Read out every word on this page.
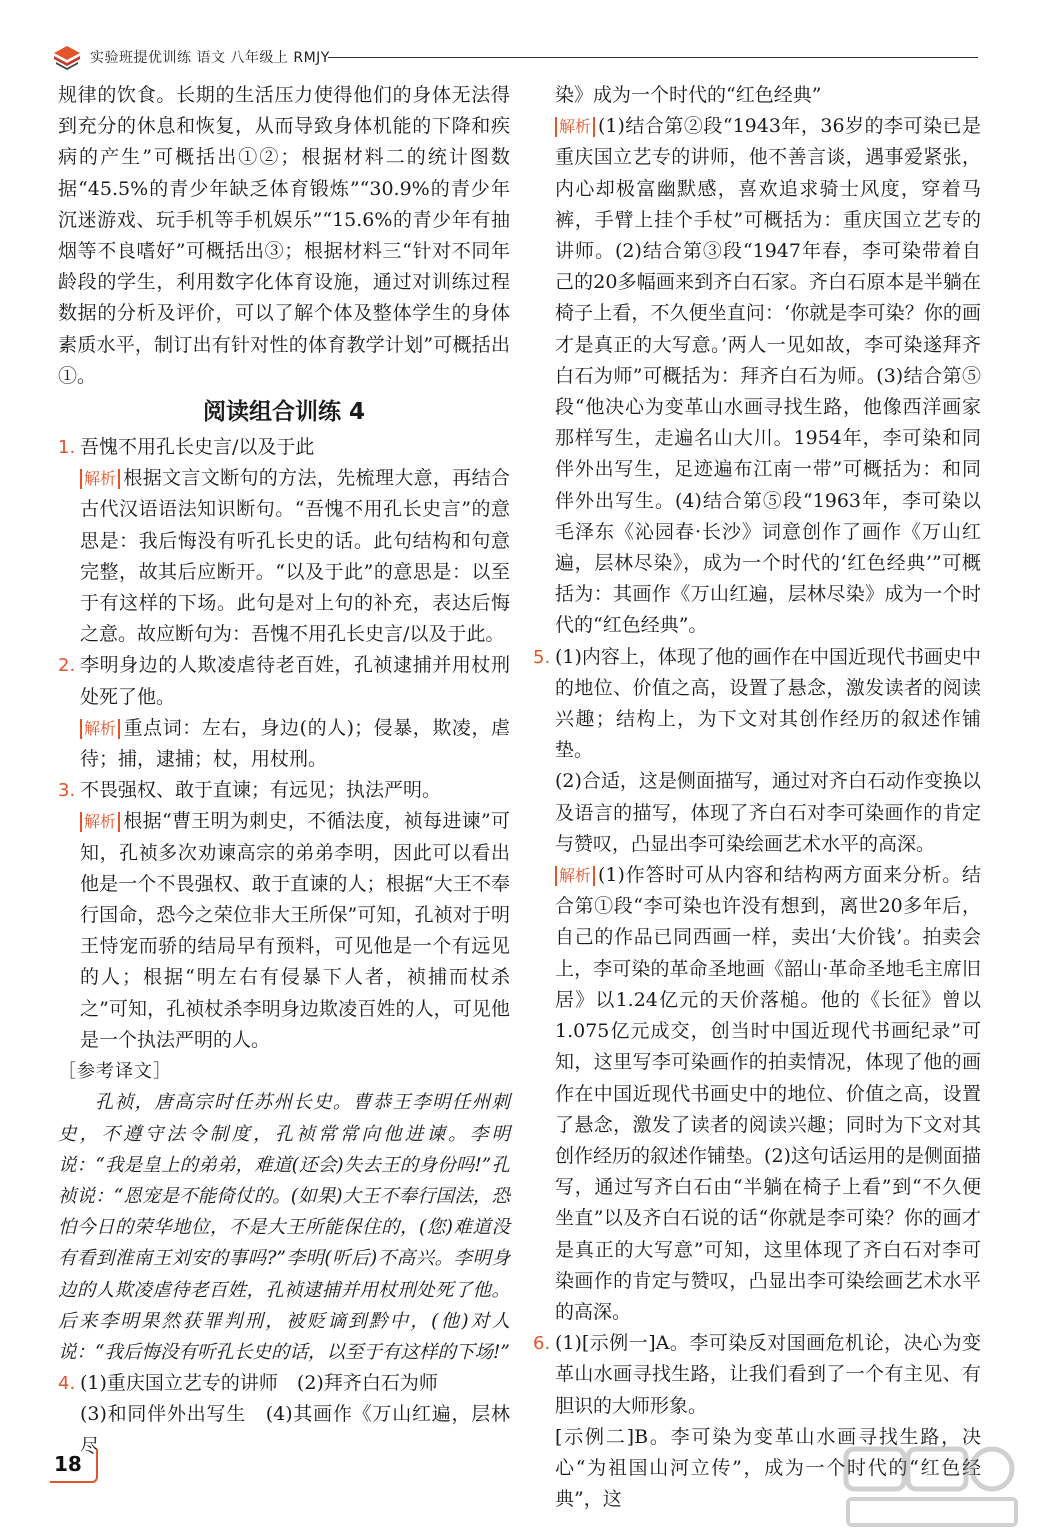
实验班提优训练 语文 八年级上 RMJY

规律的饮食。长期的生活压力使得他们的身体无法得到充分的休息和恢复，从而导致身体机能的下降和疾病的产生”可概括出①②；根据材料二的统计图数据“45.5%的青少年缺乏体育锻炼”“30.9%的青少年沉迷游戏、玩手机等手机娱乐”“15.6%的青少年有抽烟等不良嗜好”可概括出③；根据材料三“针对不同年龄段的学生，利用数字化体育设施，通过对训练过程数据的分析及评价，可以了解个体及整体学生的身体素质水平，制订出有针对性的体育教学计划”可概括出①。

阅读组合训练 4

1. 吾愧不用孔长史言/以及于此

解析 根据文言文断句的方法，先梳理大意，再结合古代汉语语法知识断句。“吾愧不用孔长史言”的意思是：我后悔没有听孔长史的话。此句结构和句意完整，故其后应断开。“以及于此”的意思是：以至于有这样的下场。此句是对上句的补充，表达后悔之意。故应断句为：吾愧不用孔长史言/以及于此。

2. 李明身边的人欺凌虐待老百姓，孔祯逮捕并用杖刑处死了他。

解析 重点词：左右，身边(的人)；侵暴，欺凌，虐待；捕，逮捕；杖，用杖刑。

3. 不畏强权、敢于直谏；有远见；执法严明。

解析 根据“曹王明为刺史，不循法度，祯每进谏”可知，孔祯多次劝谏高宗的弟弟李明，因此可以看出他是一个不畏强权、敢于直谏的人；根据“大王不奉行国命，恐今之荣位非大王所保”可知，孔祯对于明王恃宠而骄的结局早有预料，可见他是一个有远见的人；根据“明左右有侵暴下人者，祯捕而杖杀之”可知，孔祯杖杀李明身边欺凌百姓的人，可见他是一个执法严明的人。

［参考译文］

孔祯，唐高宗时任苏州长史。曹恭王李明任州刺史，不遵守法令制度，孔祯常常向他进谏。李明说：“我是皇上的弟弟，难道(还会)失去王的身份吗!”孔祯说：“恩宠是不能倚仗的。(如果)大王不奉行国法，恐怕今日的荣华地位，不是大王所能保住的，(您)难道没有看到淮南王刘安的事吗?”李明(听后)不高兴。李明身边的人欺凌虐待老百姓，孔祯逮捕并用杖刑处死了他。后来李明果然获罪判刑，被贬谪到黔中，(他)对人说：“我后悔没有听孔长史的话，以至于有这样的下场!”

4. (1)重庆国立艺专的讲师　(2)拜齐白石为师

(3)和同伴外出写生　(4)其画作《万山红遍，层林尽

染》成为一个时代的“红色经典”

解析 (1)结合第②段“1943年，36岁的李可染已是重庆国立艺专的讲师，他不善言谈，遇事爱紧张，内心却极富幽默感，喜欢追求骑士风度，穿着马裤，手臂上挂个手杖”可概括为：重庆国立艺专的讲师。(2)结合第③段“1947年春，李可染带着自己的20多幅画来到齐白石家。齐白石原本是半躺在椅子上看，不久便坐直问：‘你就是李可染？你的画才是真正的大写意。’两人一见如故，李可染遂拜齐白石为师”可概括为：拜齐白石为师。(3)结合第⑤段“他决心为变革山水画寻找生路，他像西洋画家那样写生，走遍名山大川。1954年，李可染和同伴外出写生，足迹遍布江南一带”可概括为：和同伴外出写生。(4)结合第⑤段“1963年，李可染以毛泽东《沁园春·长沙》词意创作了画作《万山红遍，层林尽染》，成为一个时代的‘红色经典’”可概括为：其画作《万山红遍，层林尽染》成为一个时代的“红色经典”。

5. (1)内容上，体现了他的画作在中国近现代书画史中的地位、价值之高，设置了悬念，激发读者的阅读兴趣；结构上，为下文对其创作经历的叙述作铺垫。

(2)合适，这是侧面描写，通过对齐白石动作变换以及语言的描写，体现了齐白石对李可染画作的肯定与赞叹，凸显出李可染绘画艺术水平的高深。

解析 (1)作答时可从内容和结构两方面来分析。结合第①段“李可染也许没有想到，离世20多年后，自己的作品已同西画一样，卖出‘大价钱’。拍卖会上，李可染的革命圣地画《韶山·革命圣地毛主席旧居》以1.24亿元的天价落槌。他的《长征》曾以1.075亿元成交，创当时中国近现代书画纪录”可知，这里写李可染画作的拍卖情况，体现了他的画作在中国近现代书画史中的地位、价值之高，设置了悬念，激发了读者的阅读兴趣；同时为下文对其创作经历的叙述作铺垫。(2)这句话运用的是侧面描写，通过写齐白石由“半躺在椅子上看”到“不久便坐直”以及齐白石说的话“你就是李可染？你的画才是真正的大写意”可知，这里体现了齐白石对李可染画作的肯定与赞叹，凸显出李可染绘画艺术水平的高深。

6. (1)[示例一]A。李可染反对国画危机论，决心为变革山水画寻找生路，让我们看到了一个有主见、有胆识的大师形象。

[示例二]B。李可染为变革山水画寻找生路，决心“为祖国山河立传”，成为一个时代的“红色经典”，这

18
